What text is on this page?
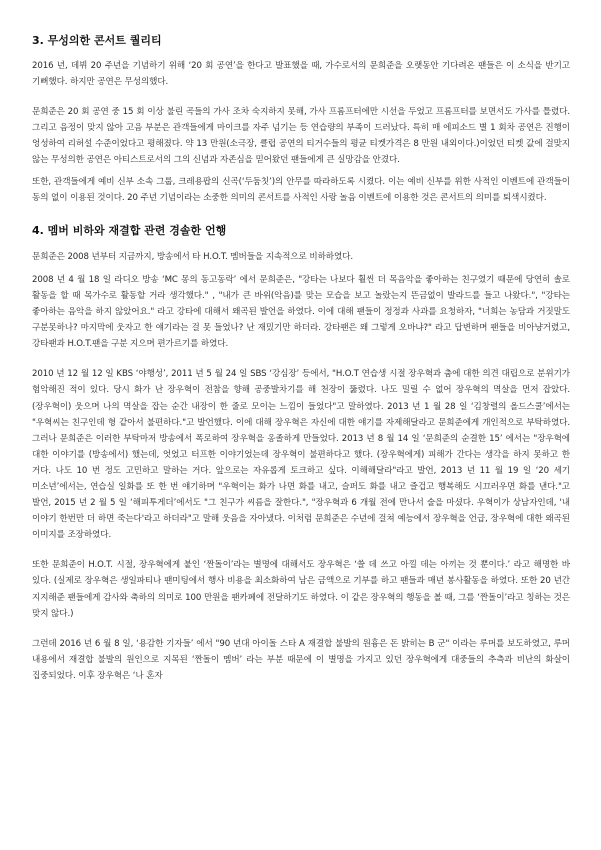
3. 무성의한 콘서트 퀄리티

2016 년, 데뷔 20 주년을 기념하기 위해 ‘20 회 공연’을 한다고 발표했을 때, 가수로서의 문희준을 오랫동안 기다려온 팬들은 이 소식을 반기고 기뻐했다. 하지만 공연은 무성의했다.

문희준은 20 회 공연 중 15 회 이상 불린 곡들의 가사 조차 숙지하지 못해, 가사 프롬프터에만 시선을 두었고 프롬프터를 보면서도 가사를 틀렸다. 그리고 음정이 맞지 않아 고음 부분은 관객들에게 마이크를 자주 넘기는 등 연습량의 부족이 드러났다. 특히 매 에피소드 별 1 회차 공연은 진행이 엉성하여 리허설 수준이었다고 평해졌다. 약 13 만원(소극장, 클럽 공연의 티거수들의 평균 티켓가격은 8 만원 내외이다.)이었던 티켓 값에 걸맞지 않는 무성의한 공연은 아티스트로서의 그의 신념과 자존심을 믿어왔던 팬들에게 큰 실망감을 안겼다.

또한, 관객들에게 예비 신부 소속 그룹, 크레용팝의 신곡(‘두둠칫’)의 안무를 따라하도록 시켰다. 이는 예비 신부를 위한 사적인 이벤트에 관객들이 동의 없이 이용된 것이다. 20 주년 기념이라는 소중한 의미의 콘서트를 사적인 사랑 놀음 이벤트에 이용한 것은 콘서트의 의미를 퇴색시켰다.

4. 멤버 비하와 재결합 관련 경솔한 언행

문희준은 2008 년부터 지금까지, 방송에서 타 H.O.T. 멤버들을 지속적으로 비하하였다.

2008 년 4 월 18 일 라디오 방송 ‘MC 몽의 동고동락’ 에서 문희준은, "강타는 나보다 훨씬 더 목음악을 좋아하는 친구였기 때문에 당연히 솔로 활동을 할 때 목가수로 활동할 거라 생각했다." , "내가 큰 바위(악음)를 맞는 모습을 보고 놀랐는지 뜬금없이 발라드를 들고 나왔다.", "강타는 좋아하는 음악을 하지 않았어요." 라고 강타에 대해서 왜곡된 발언을 하였다. 이에 대해 팬들이 정정과 사과를 요청하자, "너희는 농담과 거짓말도 구분못하나? 마지막에 웃자고 한 얘기라는 걸 못 들었나? 난 재밌기만 하더라. 강타팬은 왜 그렇게 오바냐?" 라고 답변하며 팬들을 비아냥거렸고, 강타팬과 H.O.T.팬을 구분 지으며 편가르기를 하였다.

2010 년 12 월 12 일 KBS ‘야행성’, 2011 년 5 월 24 일 SBS ‘강심장’ 등에서, "H.O.T 연습생 시절 장우혁과 춤에 대한 의견 대립으로 분위기가 험악해진 적이 있다. 당시 화가 난 장우혁이 전참을 향해 공중발차기를 해 천장이 뚫렸다. 나도 밀릴 수 없어 장우혁의 멱살을 먼저 잡았다. (장우혁이) 웃으며 나의 멱살을 잡는 순간 내장이 한 줄로 모이는 느낌이 들었다"고 말하였다. 2013 년 1 월 28 일 ‘김창렬의 올드스쿨’에서는 "우혁씨는 친구인데 형 같아서 불편하다."고 발언했다. 이에 대해 장우혁은 자신에 대한 얘기를 자제해달라고 문희준에게 개인적으로 부탁하였다. 그러나 문희준은 이러한 부탁마저 방송에서 폭로하여 장우혁을 옹졸하게 만들었다. 2013 년 8 월 14 일 ‘문희준의 순결한 15’ 에서는 "장우혁에 대한 이야기를 (방송에서) 했는데, 엇었고 터프한 이야기었는데 장우혁이 불편하다고 했다. (장우혁에게) 피해가 간다는 생각을 하지 못하고 한 거다. 나도 10 번 정도 고민하고 말하는 거다. 앞으로는 자유롭게 토크하고 싶다. 이해해달라"라고 발언, 2013 년 11 월 19 일 ‘20 세기 미소년’에서는, 연습실 일화를 또 한 번 얘기하며 "우혁이는 화가 나면 화를 내고, 슬퍼도 화를 내고 즐겁고 행복해도 시끄러우면 화를 낸다."고 발언, 2015 년 2 월 5 일 ‘해피투게더’에서도 "그 친구가 씨름을 잘한다.", "장우혁과 6 개월 전에 만나서 술을 마셨다. 우혁이가 상남자인데, '내 이야기 한번만 더 하면 죽는다'라고 하더라"고 말해 웃음을 자아냈다. 이처럼 문희준은 수년에 걸쳐 예능에서 장우혁을 언급, 장우혁에 대한 왜곡된 이미지를 조장하였다.

또한 문희준이 H.O.T. 시절, 장우혁에게 붙인 ‘짠돌이’라는 별명에 대해서도 장우혁은 ‘쓸 데 쓰고 아낄 데는 아끼는 것 뿐이다.’ 라고 해명한 바 있다. (실제로 장우혁은 생일파티나 팬미팅에서 행사 비용을 최소화하여 남은 금액으로 기부를 하고 팬들과 매년 봉사활동을 하였다. 또한 20 년간 지지해준 팬들에게 감사와 축하의 의미로 100 만원을 팬카페에 전달하기도 하였다. 이 같은 장우혁의 행동을 볼 때, 그를 ‘짠돌이’라고 칭하는 것은 맞지 않다.)

그런데 2016 년 6 월 8 일, ‘용감한 기자들’ 에서 "90 년대 아이돌 스타 A 재결합 불발의 원흉은 돈 밝히는 B 군" 이라는 루머를 보도하였고, 루머 내용에서 재결합 불발의 원인으로 지목된 ‘짠돌이 멤버’ 라는 부분 때문에 이 별명을 가지고 있던 장우혁에게 대중들의 추측과 비난의 화살이 집중되었다. 이후 장우혁은 ‘나 혼자
